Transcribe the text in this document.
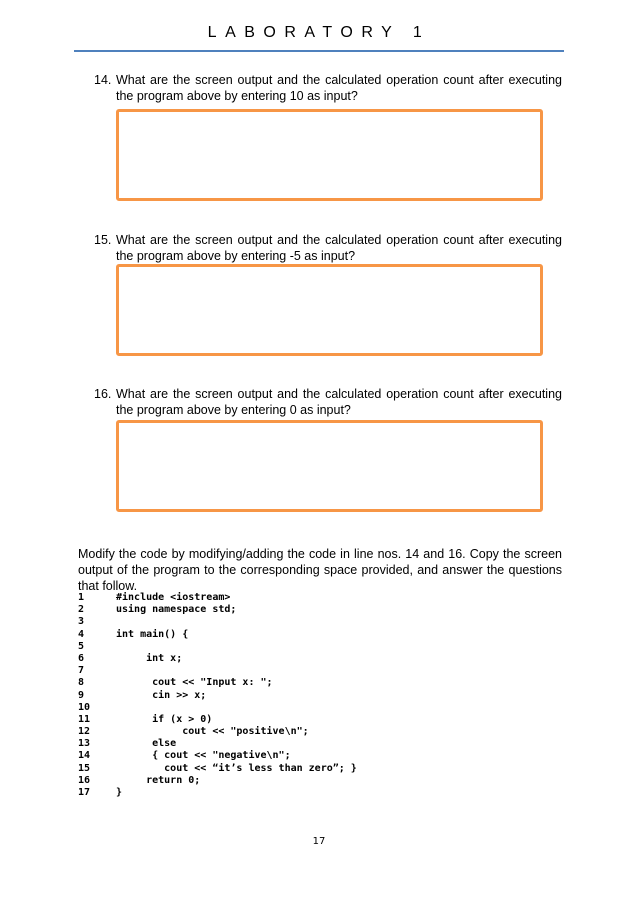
LABORATORY 1
14. What are the screen output and the calculated operation count after executing the program above by entering 10 as input?
15. What are the screen output and the calculated operation count after executing the program above by entering -5 as input?
16. What are the screen output and the calculated operation count after executing the program above by entering 0 as input?
Modify the code by modifying/adding the code in line nos. 14 and 16. Copy the screen output of the program to the corresponding space provided, and answer the questions that follow.
1	#include <iostream>
2	using namespace std;
3
4	int main() {
5
6	int x;
7
8	cout << "Input x: ";
9	cin >> x;
10
11	if (x > 0)
12	cout << "positive\n";
13	else
14	{ cout << "negative\n";
15	cout << “it’s less than zero”; }
16	return 0;
17	}
17
